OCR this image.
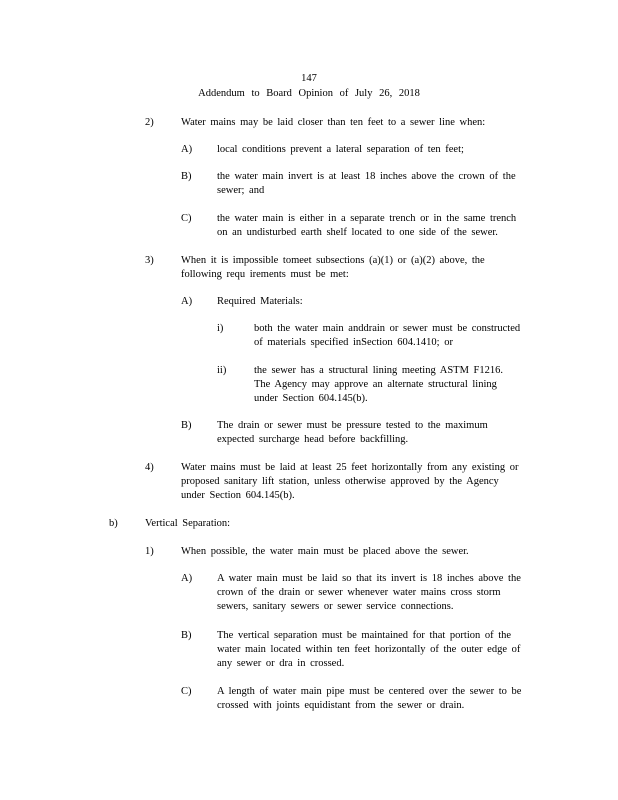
147
Addendum to Board Opinion of July 26, 2018
2)	Water mains may be laid closer than ten feet to a sewer line when:
A) local conditions prevent a lateral separation of ten feet;
B) the water main invert is at least 18 inches above the crown of the
sewer; and
C) the water main is either in a separate trench or in the same trench
on an undisturbed earth shelf located to one side of the sewer.
3)	When it is impossible tomeet subsections (a)(1) or (a)(2) above, the
following requ irements must be met:
A) Required Materials:
i)	both the water main anddrain or sewer must be constructed
of materials specified inSection 604.1410; or
ii)	the sewer has a structural lining meeting ASTM F1216.
The Agency may approve an alternate structural lining
under Section 604.145(b).
B) The drain or sewer must be pressure tested to the maximum
expected surcharge head before backfilling.
4)	Water mains must be laid at least 25 feet horizontally from any existing or
proposed sanitary lift station, unless otherwise approved by the Agency
under Section 604.145(b).
b)	Vertical Separation:
1)	When possible, the water main must be placed above the sewer.
A) A water main must be laid so that its invert is 18 inches above the
crown of the drain or sewer whenever water mains cross storm
sewers, sanitary sewers or sewer service connections.
B) The vertical separation must be maintained for that portion of the
water main located within ten feet horizontally of the outer edge of
any sewer or dra in crossed.
C) A length of water main pipe must be centered over the sewer to be
crossed with joints equidistant from the sewer or drain.
